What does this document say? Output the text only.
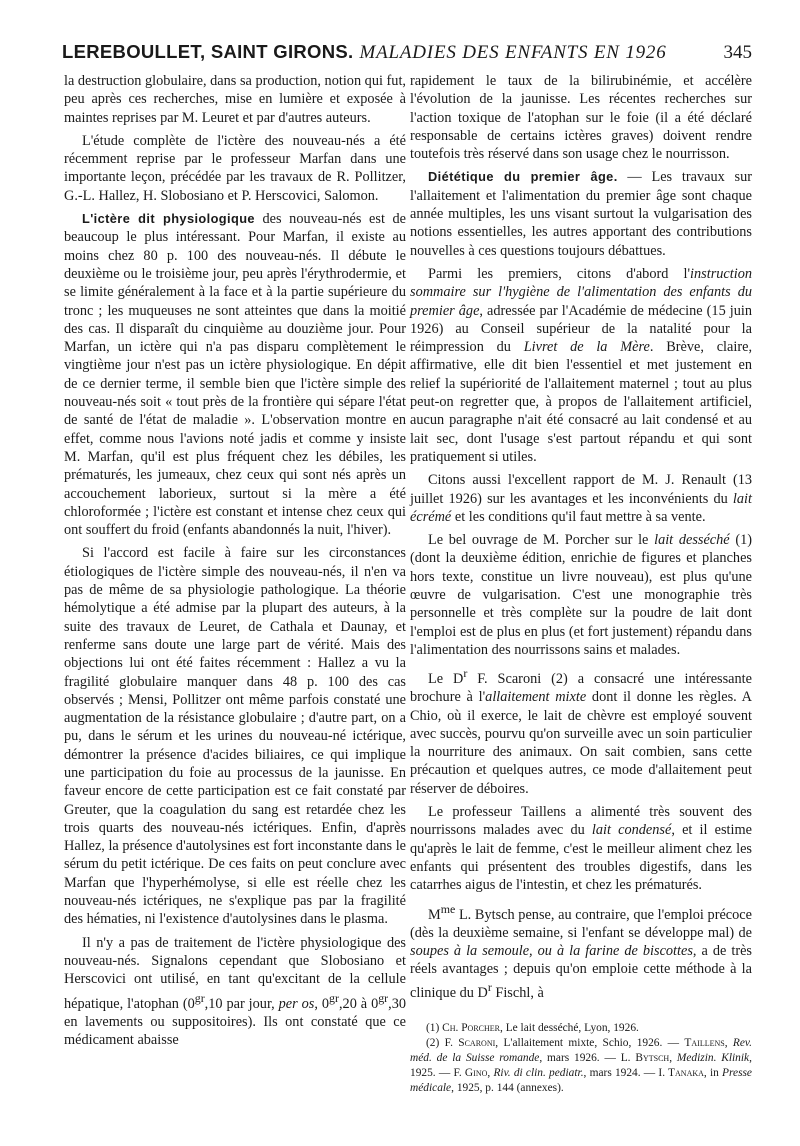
LEREBOULLET, SAINT GIRONS. MALADIES DES ENFANTS EN 1926	345

la destruction globulaire, dans sa production, notion qui fut, peu après ces recherches, mise en lumière et exposée à maintes reprises par M. Leuret et par d'autres auteurs.

L'étude complète de l'ictère des nouveau-nés a été récemment reprise par le professeur Marfan dans une importante leçon, précédée par les travaux de R. Pollitzer, G.-L. Hallez, H. Slobosiano et P. Herscovici, Salomon.

L'ictère dit physiologique des nouveau-nés est de beaucoup le plus intéressant. Pour Marfan, il existe au moins chez 80 p. 100 des nouveau-nés. Il débute le deuxième ou le troisième jour, peu après l'érythrodermie, et se limite généralement à la face et à la partie supérieure du tronc ; les muqueuses ne sont atteintes que dans la moitié des cas. Il disparaît du cinquième au douzième jour. Pour Marfan, un ictère qui n'a pas disparu complètement le vingtième jour n'est pas un ictère physiologique. En dépit de ce dernier terme, il semble bien que l'ictère simple des nouveau-nés soit « tout près de la frontière qui sépare l'état de santé de l'état de maladie ». L'observation montre en effet, comme nous l'avions noté jadis et comme y insiste M. Marfan, qu'il est plus fréquent chez les débiles, les prématurés, les jumeaux, chez ceux qui sont nés après un accouchement laborieux, surtout si la mère a été chloroformée ; l'ictère est constant et intense chez ceux qui ont souffert du froid (enfants abandonnés la nuit, l'hiver).

Si l'accord est facile à faire sur les circonstances étiologiques de l'ictère simple des nouveau-nés, il n'en va pas de même de sa physiologie pathologique. La théorie hémolytique a été admise par la plupart des auteurs, à la suite des travaux de Leuret, de Cathala et Daunay, et renferme sans doute une large part de vérité. Mais des objections lui ont été faites récemment : Hallez a vu la fragilité globulaire manquer dans 48 p. 100 des cas observés ; Mensi, Pollitzer ont même parfois constaté une augmentation de la résistance globulaire ; d'autre part, on a pu, dans le sérum et les urines du nouveau-né ictérique, démontrer la présence d'acides biliaires, ce qui implique une participation du foie au processus de la jaunisse. En faveur encore de cette participation est ce fait constaté par Greuter, que la coagulation du sang est retardée chez les trois quarts des nouveau-nés ictériques. Enfin, d'après Hallez, la présence d'autolysines est fort inconstante dans le sérum du petit ictérique. De ces faits on peut conclure avec Marfan que l'hyperhémolyse, si elle est réelle chez les nouveau-nés ictériques, ne s'explique pas par la fragilité des hématies, ni l'existence d'autolysines dans le plasma.

Il n'y a pas de traitement de l'ictère physiologique des nouveau-nés. Signalons cependant que Slobosiano et Herscovici ont utilisé, en tant qu'excitant de la cellule hépatique, l'atophan ($0^{gr},10$ par jour, per os, $0^{gr},20$ à $0^{gr},30$ en lavements ou suppositoires). Ils ont constaté que ce médicament abaisse

rapidement le taux de la bilirubinémie, et accélère l'évolution de la jaunisse. Les récentes recherches sur l'action toxique de l'atophan sur le foie (il a été déclaré responsable de certains ictères graves) doivent rendre toutefois très réservé dans son usage chez le nourrisson.

Diététique du premier âge. — Les travaux sur l'allaitement et l'alimentation du premier âge sont chaque année multiples, les uns visant surtout la vulgarisation des notions essentielles, les autres apportant des contributions nouvelles à ces questions toujours débattues.

Parmi les premiers, citons d'abord l'instruction sommaire sur l'hygiène de l'alimentation des enfants du premier âge, adressée par l'Académie de médecine (15 juin 1926) au Conseil supérieur de la natalité pour la réimpression du Livret de la Mère. Brève, claire, affirmative, elle dit bien l'essentiel et met justement en relief la supériorité de l'allaitement maternel ; tout au plus peut-on regretter que, à propos de l'allaitement artificiel, aucun paragraphe n'ait été consacré au lait condensé et au lait sec, dont l'usage s'est partout répandu et qui sont pratiquement si utiles.

Citons aussi l'excellent rapport de M. J. Renault (13 juillet 1926) sur les avantages et les inconvénients du lait écrémé et les conditions qu'il faut mettre à sa vente.

Le bel ouvrage de M. Porcher sur le lait desséché (1) (dont la deuxième édition, enrichie de figures et planches hors texte, constitue un livre nouveau), est plus qu'une œuvre de vulgarisation. C'est une monographie très personnelle et très complète sur la poudre de lait dont l'emploi est de plus en plus (et fort justement) répandu dans l'alimentation des nourrissons sains et malades.

Le $D^r$ F. Scaroni (2) a consacré une intéressante brochure à l'allaitement mixte dont il donne les règles. A Chio, où il exerce, le lait de chèvre est employé souvent avec succès, pourvu qu'on surveille avec un soin particulier la nourriture des animaux. On sait combien, sans cette précaution et quelques autres, ce mode d'allaitement peut réserver de déboires.

Le professeur Taillens a alimenté très souvent des nourrissons malades avec du lait condensé, et il estime qu'après le lait de femme, c'est le meilleur aliment chez les enfants qui présentent des troubles digestifs, dans les catarrhes aigus de l'intestin, et chez les prématurés.

$M^{me}$ L. Bytsch pense, au contraire, que l'emploi précoce (dès la deuxième semaine, si l'enfant se développe mal) de soupes à la semoule, ou à la farine de biscottes, a de très réels avantages ; depuis qu'on emploie cette méthode à la clinique du $D^r$ Fischl, à

(1) Ch. Porcher, Le lait desséché, Lyon, 1926.
(2) F. Scaroni, L'allaitement mixte, Schio, 1926. — Taillens, Rev. méd. de la Suisse romande, mars 1926. — L. Bytsch, Medizin. Klinik, 1925. — F. Gino, Riv. di clin. pediatr., mars 1924. — I. Tanaka, in Presse médicale, 1925, p. 144 (annexes).
